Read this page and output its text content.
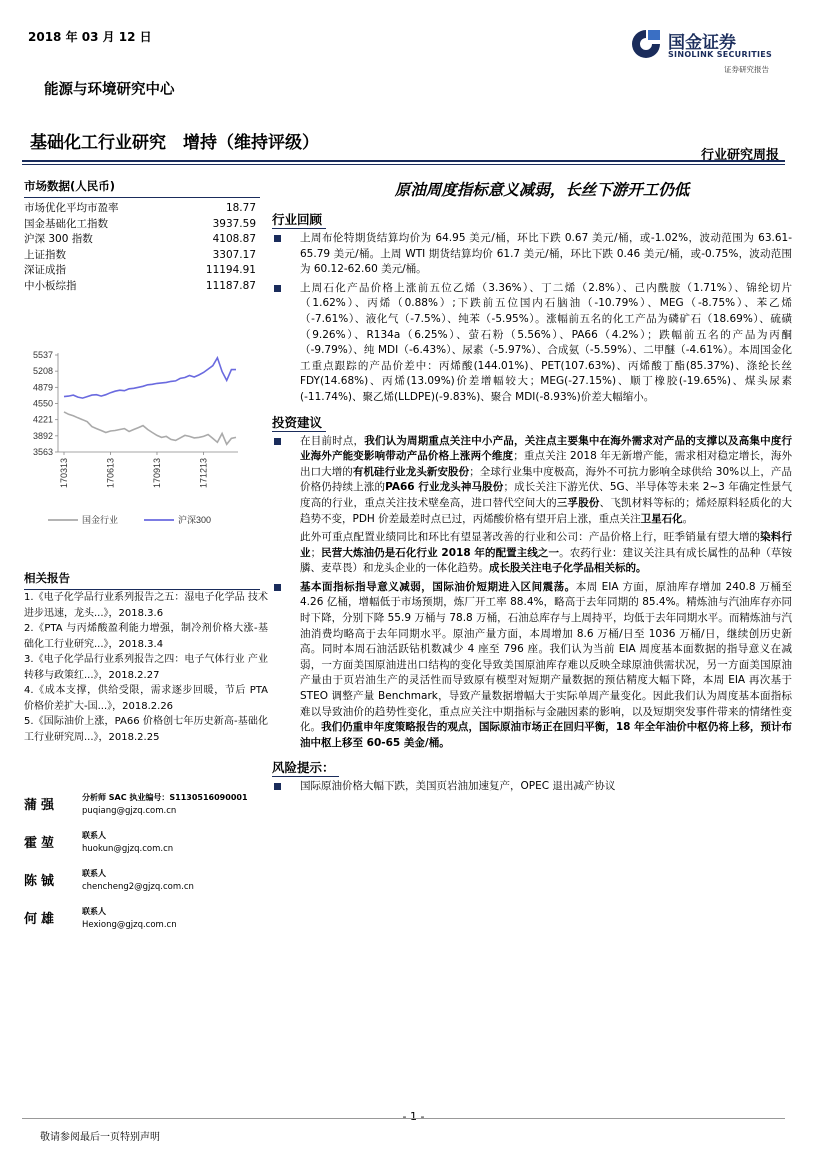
2018 年 03 月 12 日
能源与环境研究中心
基础化工行业研究　增持（维持评级）
行业研究周报
国金证券
SINOLINK SECURITIES
证券研究报告
市场数据(人民币)
市场优化平均市盈率	18.77
国金基础化工指数	3937.59
沪深 300 指数	4108.87
上证指数	3307.17
深证成指	11194.91
中小板综指	11187.87
5537
5208
4879
4550
4221
3892
3563
170313	170613	170913	171213
国金行业	沪深300
相关报告
1.《电子化学品行业系列报告之五：湿电子化学品 技术进步迅速，龙头...》，2018.3.6
2.《PTA 与丙烯酸盈利能力增强，制冷剂价格大涨-基础化工行业研究...》，2018.3.4
3.《电子化学品行业系列报告之四：电子气体行业 产业转移与政策红...》，2018.2.27
4.《成本支撑，供给受限，需求逐步回暖，节后 PTA 价格价差扩大-国...》，2018.2.26
5.《国际油价上涨，PA66 价格创七年历史新高-基础化工行业研究周...》，2018.2.25
蒲强
分析师 SAC 执业编号：S1130516090001
puqiang@gjzq.com.cn
霍堃
联系人
huokun@gjzq.com.cn
陈铖
联系人
chencheng2@gjzq.com.cn
何雄
联系人
Hexiong@gjzq.com.cn
原油周度指标意义减弱，长丝下游开工仍低
行业回顾
上周布伦特期货结算均价为 64.95 美元/桶，环比下跌 0.67 美元/桶，或-1.02%，波动范围为 63.61-65.79 美元/桶。上周 WTI 期货结算均价 61.7 美元/桶，环比下跌 0.46 美元/桶，或-0.75%，波动范围为 60.12-62.60 美元/桶。
上周石化产品价格上涨前五位乙烯（3.36%）、丁二烯（2.8%）、己内酰胺（1.71%）、锦纶切片（1.62%）、丙烯（0.88%）;下跌前五位国内石脑油（-10.79%）、MEG（-8.75%）、苯乙烯（-7.61%）、液化气（-7.5%）、纯苯（-5.95%）。涨幅前五名的化工产品为磷矿石（18.69%）、硫磺（9.26%）、R134a（6.25%）、萤石粉（5.56%）、PA66（4.2%）；跌幅前五名的产品为丙酮（-9.79%）、纯 MDI（-6.43%）、尿素（-5.97%）、合成氨（-5.59%）、二甲醚（-4.61%）。本周国金化工重点跟踪的产品价差中：丙烯酸(144.01%)、PET(107.63%)、丙烯酸丁酯(85.37%)、涤纶长丝 FDY(14.68%)、丙烯(13.09%)价差增幅较大；MEG(-27.15%)、顺丁橡胶(-19.65%)、煤头尿素(-11.74%)、聚乙烯(LLDPE)(-9.83%)、聚合 MDI(-8.93%)价差大幅缩小。
投资建议
在目前时点，我们认为周期重点关注中小产品，关注点主要集中在海外需求对产品的支撑以及高集中度行业海外产能变影响带动产品价格上涨两个维度；重点关注 2018 年无新增产能，需求相对稳定增长，海外出口大增的有机硅行业龙头新安股份；全球行业集中度极高，海外不可抗力影响全球供给 30%以上，产品价格仍持续上涨的PA66 行业龙头神马股份；成长关注下游光伏、5G、半导体等未来 2~3 年确定性景气度高的行业，重点关注技术壁垒高，进口替代空间大的三孚股份、飞凯材料等标的；烯烃原料轻质化的大趋势不变，PDH 价差最差时点已过，丙烯酸价格有望开启上涨，重点关注卫星石化。
此外可重点配置业绩同比和环比有望显著改善的行业和公司：产品价格上行，旺季销量有望大增的染料行业；民营大炼油仍是石化行业 2018 年的配置主线之一。农药行业：建议关注具有成长属性的品种（草铵膦、麦草畏）和龙头企业的一体化趋势。成长股关注电子化学品相关标的。
基本面指标指导意义减弱，国际油价短期进入区间震荡。本周 EIA 方面，原油库存增加 240.8 万桶至 4.26 亿桶，增幅低于市场预期，炼厂开工率 88.4%，略高于去年同期的 85.4%。精炼油与汽油库存亦同时下降，分别下降 55.9 万桶与 78.8 万桶，石油总库存与上周持平，均低于去年同期水平。而精炼油与汽油消费均略高于去年同期水平。原油产量方面，本周增加 8.6 万桶/日至 1036 万桶/日，继续创历史新高。同时本周石油活跃钻机数减少 4 座至 796 座。我们认为当前 EIA 周度基本面数据的指导意义在减弱，一方面美国原油进出口结构的变化导致美国原油库存难以反映全球原油供需状况，另一方面美国原油产量由于页岩油生产的灵活性而导致原有模型对短期产量数据的预估精度大幅下降，本周 EIA 再次基于 STEO 调整产量 Benchmark，导致产量数据增幅大于实际单周产量变化。因此我们认为周度基本面指标难以导致油价的趋势性变化，重点应关注中期指标与金融因素的影响，以及短期突发事件带来的情绪性变化。我们仍重申年度策略报告的观点，国际原油市场正在回归平衡，18 年全年油价中枢仍将上移，预计布油中枢上移至 60-65 美金/桶。
风险提示：
国际原油价格大幅下跌，美国页岩油加速复产，OPEC 退出减产协议
- 1 -
敬请参阅最后一页特别声明
